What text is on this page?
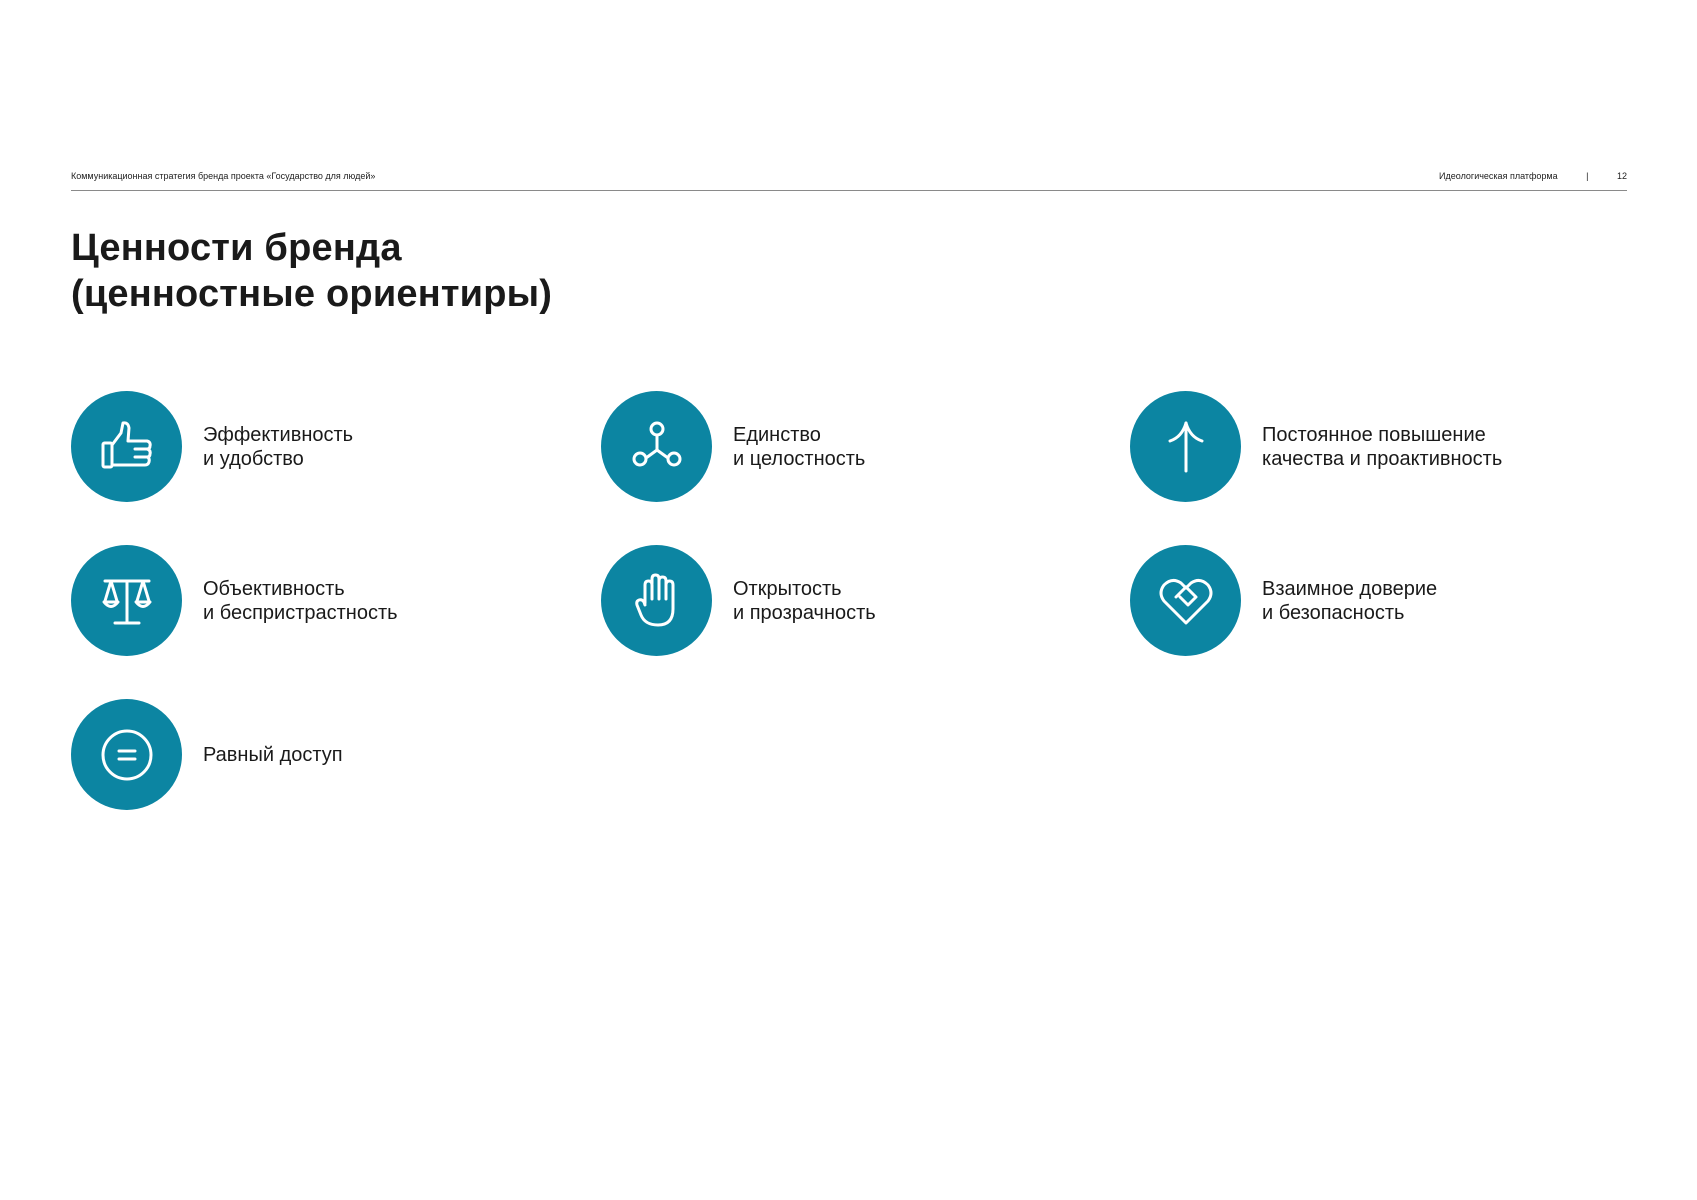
Коммуникационная стратегия бренда проекта «Государство для людей»	Идеологическая платформа	|	12
Ценности бренда
(ценностные ориентиры)
Эффективность
и удобство
Единство
и целостность
Постоянное повышение
качества и проактивность
Объективность
и беспристрастность
Открытость
и прозрачность
Взаимное доверие
и безопасность
Равный доступ
